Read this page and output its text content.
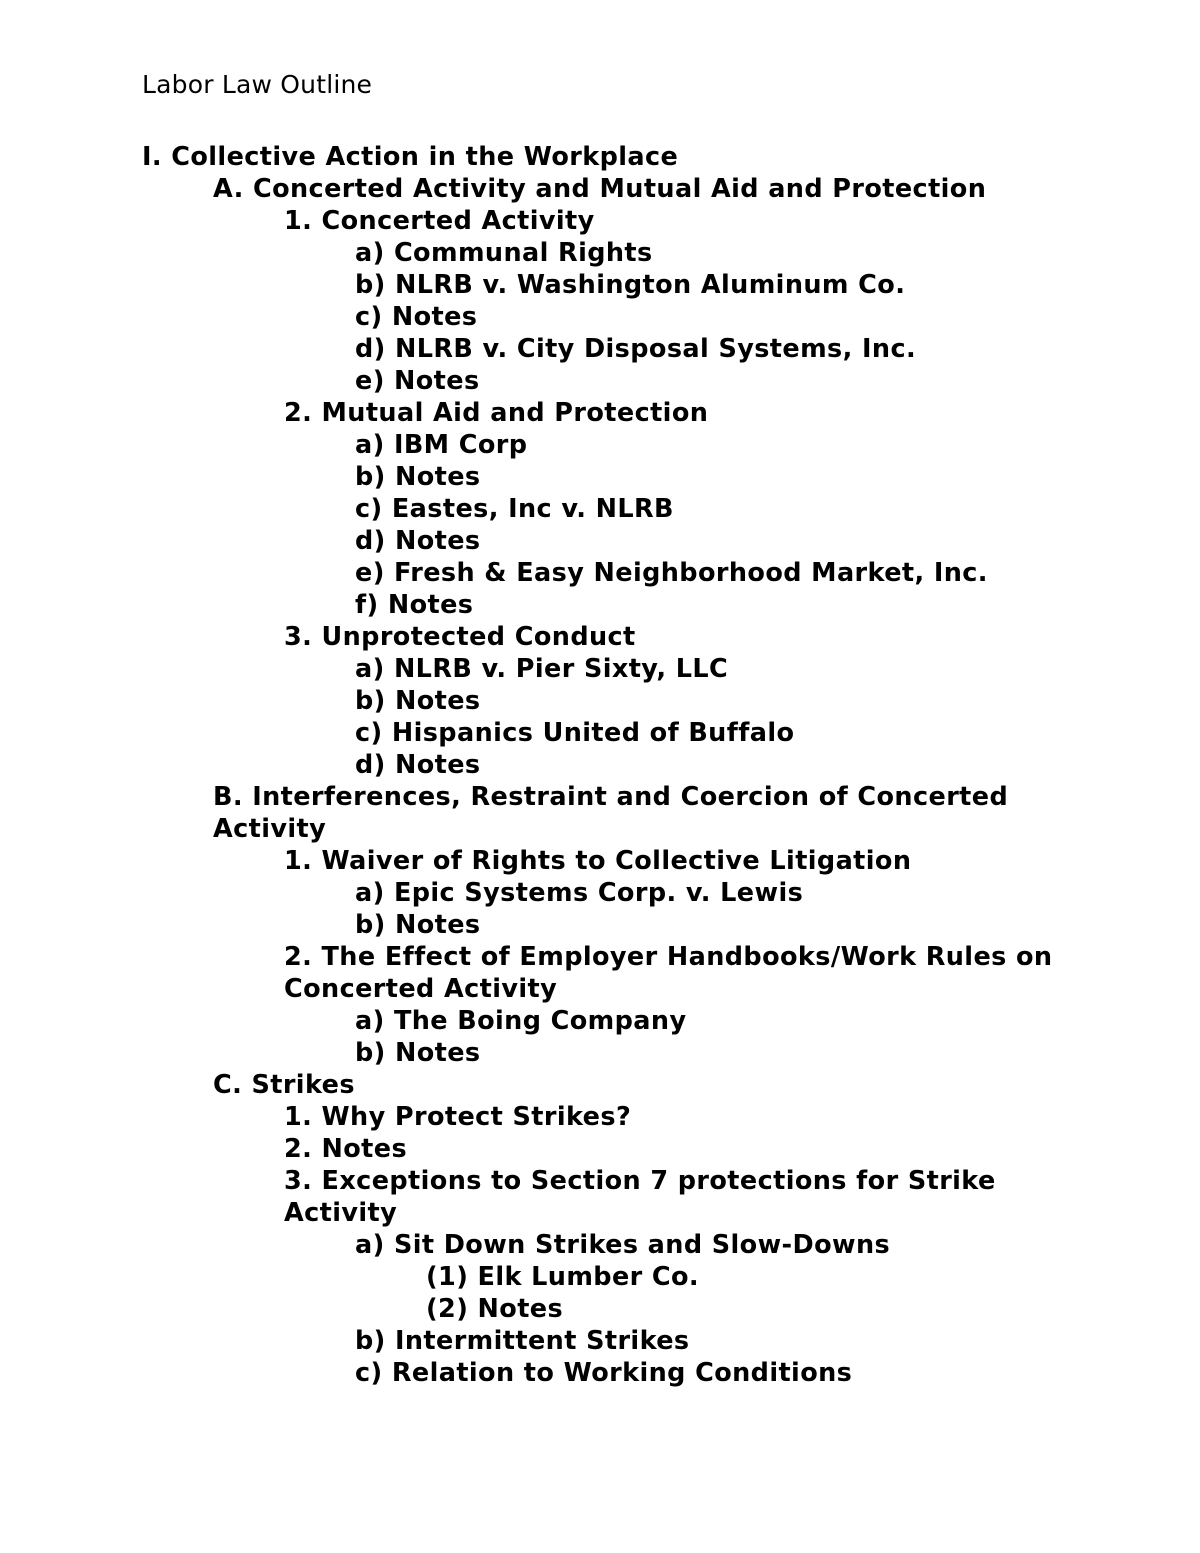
Labor Law Outline
I. Collective Action in the Workplace
A. Concerted Activity and Mutual Aid and Protection
1. Concerted Activity
a) Communal Rights
b) NLRB v. Washington Aluminum Co.
c) Notes
d) NLRB v. City Disposal Systems, Inc.
e) Notes
2. Mutual Aid and Protection
a) IBM Corp
b) Notes
c) Eastes, Inc v. NLRB
d) Notes
e) Fresh & Easy Neighborhood Market, Inc.
f) Notes
3. Unprotected Conduct
a) NLRB v. Pier Sixty, LLC
b) Notes
c) Hispanics United of Buffalo
d) Notes
B. Interferences, Restraint and Coercion of Concerted Activity
1. Waiver of Rights to Collective Litigation
a) Epic Systems Corp. v. Lewis
b) Notes
2. The Effect of Employer Handbooks/Work Rules on Concerted Activity
a) The Boing Company
b) Notes
C. Strikes
1. Why Protect Strikes?
2. Notes
3. Exceptions to Section 7 protections for Strike Activity
a) Sit Down Strikes and Slow-Downs
(1) Elk Lumber Co.
(2) Notes
b) Intermittent Strikes
c) Relation to Working Conditions
